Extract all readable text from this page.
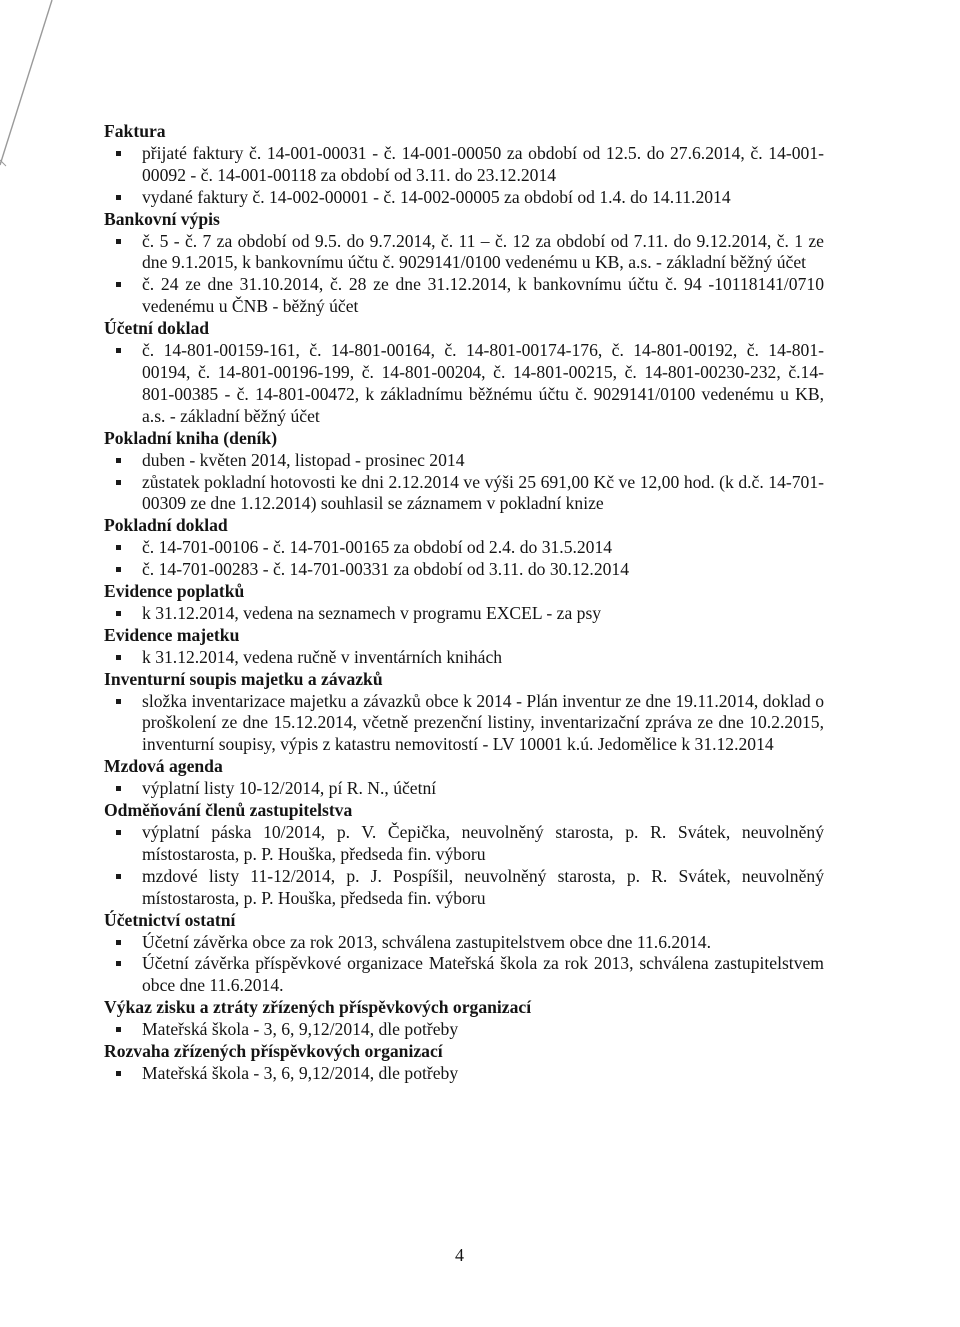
Faktura
přijaté faktury č. 14-001-00031 - č. 14-001-00050 za období od 12.5. do 27.6.2014, č. 14-001-00092 - č. 14-001-00118 za období od 3.11. do 23.12.2014
vydané faktury č. 14-002-00001 - č. 14-002-00005 za období od 1.4. do 14.11.2014
Bankovní výpis
č. 5 - č. 7 za období od 9.5. do 9.7.2014, č. 11 – č. 12 za období od 7.11. do 9.12.2014, č. 1 ze dne 9.1.2015, k bankovnímu účtu č. 9029141/0100 vedenému u KB, a.s. - základní běžný účet
č. 24 ze dne 31.10.2014, č. 28 ze dne 31.12.2014, k bankovnímu účtu č. 94 -10118141/0710 vedenému u ČNB - běžný účet
Účetní doklad
č. 14-801-00159-161, č. 14-801-00164, č. 14-801-00174-176, č. 14-801-00192, č. 14-801-00194, č. 14-801-00196-199, č. 14-801-00204, č. 14-801-00215, č. 14-801-00230-232, č.14-801-00385 - č. 14-801-00472, k základnímu běžnému účtu č. 9029141/0100 vedenému u KB, a.s. - základní běžný účet
Pokladní kniha (deník)
duben - květen 2014, listopad - prosinec 2014
zůstatek pokladní hotovosti ke dni 2.12.2014 ve výši 25 691,00 Kč ve 12,00 hod. (k d.č. 14-701-00309 ze dne 1.12.2014) souhlasil se záznamem v pokladní knize
Pokladní doklad
č. 14-701-00106 - č. 14-701-00165 za období od 2.4. do 31.5.2014
č. 14-701-00283 - č. 14-701-00331 za období od 3.11. do 30.12.2014
Evidence poplatků
k 31.12.2014, vedena na seznamech v programu EXCEL - za psy
Evidence majetku
k 31.12.2014, vedena ručně v inventárních knihách
Inventurní soupis majetku a závazků
složka inventarizace majetku a závazků obce k 2014 - Plán inventur ze dne 19.11.2014, doklad o proškolení ze dne 15.12.2014, včetně prezenční listiny, inventarizační zpráva ze dne 10.2.2015, inventurní soupisy, výpis z katastru nemovitostí - LV 10001 k.ú. Jedomělice k 31.12.2014
Mzdová agenda
výplatní listy 10-12/2014, pí R. N., účetní
Odměňování členů zastupitelstva
výplatní páska 10/2014, p. V. Čepička, neuvolněný starosta, p. R. Svátek, neuvolněný místostarosta, p. P. Houška, předseda fin. výboru
mzdové listy 11-12/2014, p. J. Pospíšil, neuvolněný starosta, p. R. Svátek, neuvolněný místostarosta, p. P. Houška, předseda fin. výboru
Účetnictví ostatní
Účetní závěrka obce za rok 2013, schválena zastupitelstvem obce dne 11.6.2014.
Účetní závěrka příspěvkové organizace Mateřská škola za rok 2013, schválena zastupitelstvem obce dne 11.6.2014.
Výkaz zisku a ztráty zřízených příspěvkových organizací
Mateřská škola - 3, 6, 9,12/2014, dle potřeby
Rozvaha zřízených příspěvkových organizací
Mateřská škola - 3, 6, 9,12/2014, dle potřeby
4
